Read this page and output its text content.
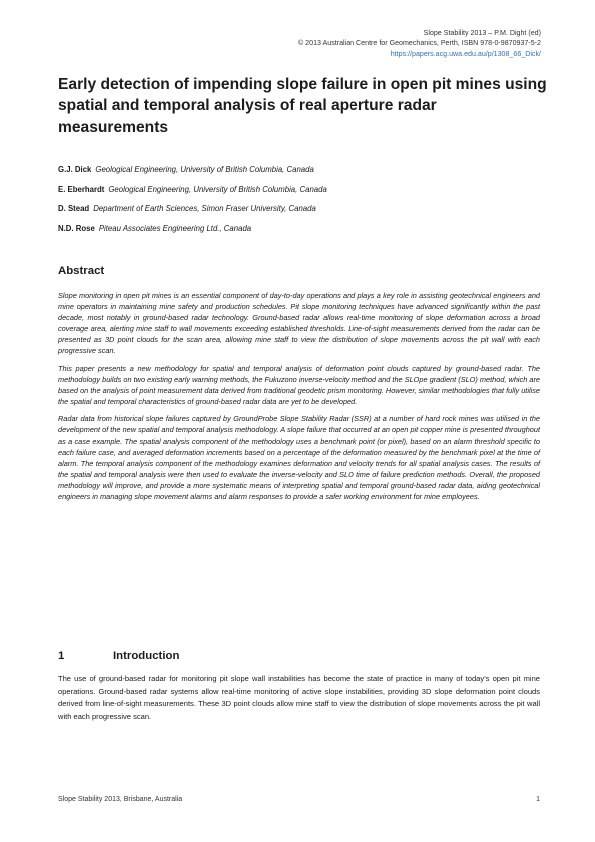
Slope Stability 2013 – P.M. Dight (ed)
© 2013 Australian Centre for Geomechanics, Perth, ISBN 978-0-9870937-5-2
https://papers.acg.uwa.edu.au/p/1308_66_Dick/
Early detection of impending slope failure in open pit mines using spatial and temporal analysis of real aperture radar measurements
G.J. Dick Geological Engineering, University of British Columbia, Canada
E. Eberhardt Geological Engineering, University of British Columbia, Canada
D. Stead Department of Earth Sciences, Simon Fraser University, Canada
N.D. Rose Piteau Associates Engineering Ltd., Canada
Abstract

Slope monitoring in open pit mines is an essential component of day-to-day operations and plays a key role in assisting geotechnical engineers and mine operators in maintaining mine safety and production schedules. Pit slope monitoring techniques have advanced significantly within the past decade, most notably in ground-based radar technology. Ground-based radar allows real-time monitoring of slope deformation across a broad coverage area, alerting mine staff to wall movements exceeding established thresholds. Line-of-sight measurements derived from the radar can be presented as 3D point clouds for the scan area, allowing mine staff to view the distribution of slope movements across the pit wall with each progressive scan.

This paper presents a new methodology for spatial and temporal analysis of deformation point clouds captured by ground-based radar. The methodology builds on two existing early warning methods, the Fukuzono inverse-velocity method and the SLOpe gradient (SLO) method, which are based on the analysis of point measurement data derived from traditional geodetic prism monitoring. However, similar methodologies that fully utilise the spatial and temporal characteristics of ground-based radar data are yet to be developed.

Radar data from historical slope failures captured by GroundProbe Slope Stability Radar (SSR) at a number of hard rock mines was utilised in the development of the new spatial and temporal analysis methodology. A slope failure that occurred at an open pit copper mine is presented throughout as a case example. The spatial analysis component of the methodology uses a benchmark point (or pixel), based on an alarm threshold specific to each failure case, and averaged deformation increments based on a percentage of the deformation measured by the benchmark pixel at the time of alarm. The temporal analysis component of the methodology examines deformation and velocity trends for all spatial analysis cases. The results of the spatial and temporal analysis were then used to evaluate the inverse-velocity and SLO time of failure prediction methods. Overall, the proposed methodology will improve, and provide a more systematic means of interpreting spatial and temporal ground-based radar data, aiding geotechnical engineers in managing slope movement alarms and alarm responses to provide a safer working environment for mine employees.

1	Introduction

The use of ground-based radar for monitoring pit slope wall instabilities has become the state of practice in many of today’s open pit mine operations. Ground-based radar systems allow real-time monitoring of active slope instabilities, providing 3D slope deformation point clouds derived from line-of-sight measurements. These 3D point clouds allow mine staff to view the distribution of slope movements across the pit wall with each progressive scan.

Slope Stability 2013, Brisbane, Australia	1
